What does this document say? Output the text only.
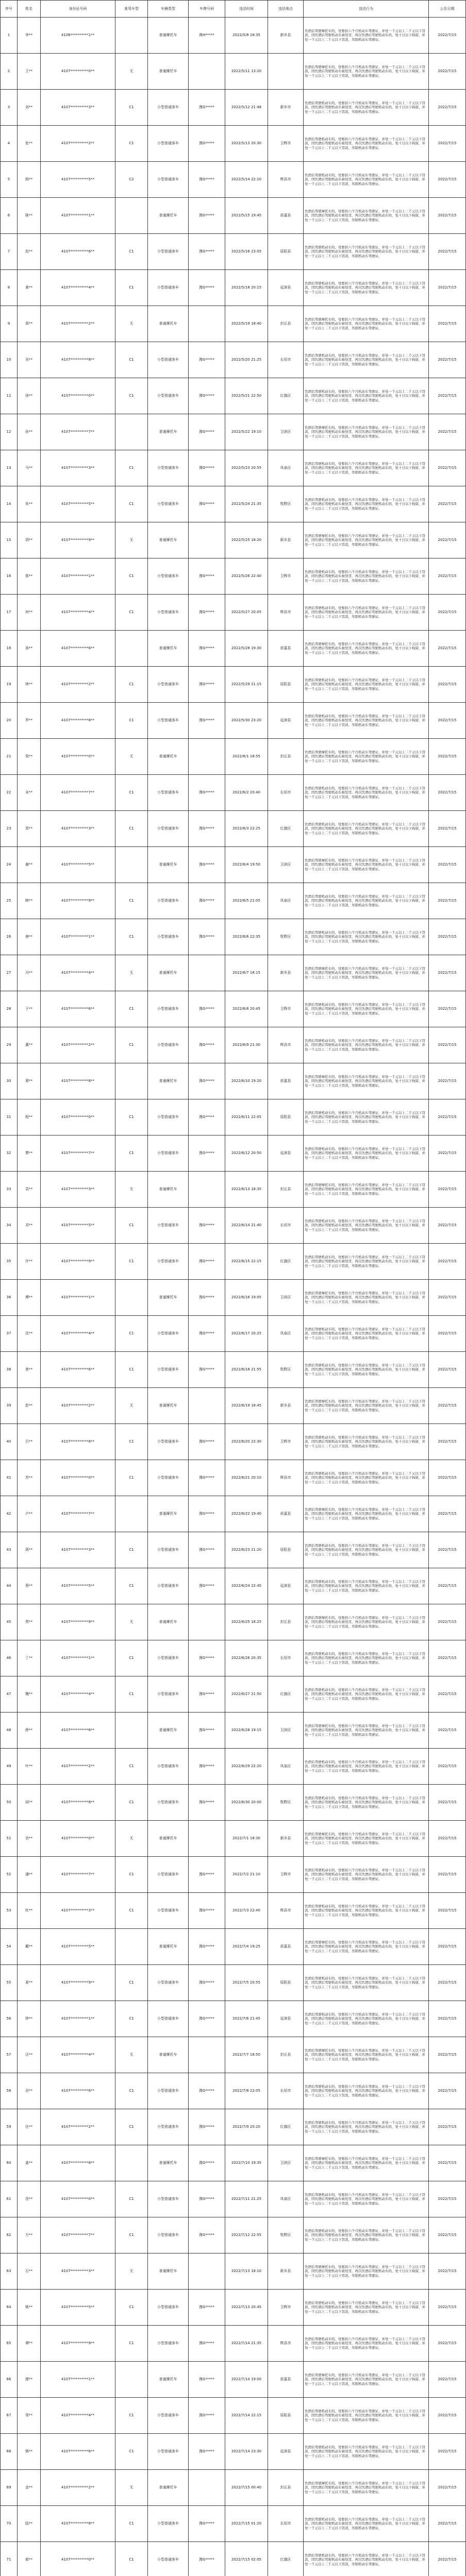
序号	姓名	身份证号码	准驾车型	车辆类型	车牌号码	违法时间	违法地点	违法行为	公告日期
1	李**	4106**********1**		普通摩托车	豫H*****	2022/5/8 16:35	新乡县	饮酒后驾驶摩托车的，处暂扣六个月机动车驾驶证，并处一千元以上二千元以下罚款，因饮酒后驾驶机动车被处罚，再次饮酒后驾驶机动车的，处十日以下拘留，并处一千元以上二千元以下罚款，吊销机动车驾驶证。	2022/7/15
2	王**	4107**********0**	无	普通摩托车		2022/5/11 13:20		饮酒后驾驶摩托车的，处暂扣六个月机动车驾驶证，并处一千元以上二千元以下罚款，因饮酒后驾驶机动车被处罚，再次饮酒后驾驶机动车的，处十日以下拘留，并处一千元以上二千元以下罚款，吊销机动车驾驶证。	2022/7/15
3	刘**	4107**********3**	C1	小型普通客车	豫G*****	2022/5/12 21:48	新乡市	饮酒后驾驶机动车的，处暂扣六个月机动车驾驶证，并处一千元以上二千元以下罚款，因饮酒后驾驶机动车被处罚，再次饮酒后驾驶机动车的，处十日以下拘留，并处一千元以上二千元以下罚款，吊销机动车驾驶证。	2022/7/15
4	张**	4107**********2**	C1	小型普通客车	豫G*****	2022/5/13 20:30	卫辉市	饮酒后驾驶机动车的，处暂扣六个月机动车驾驶证，并处一千元以上二千元以下罚款，因饮酒后驾驶机动车被处罚，再次饮酒后驾驶机动车的，处十日以下拘留，并处一千元以上二千元以下罚款，吊销机动车驾驶证。	2022/7/15
5	杨**	4107**********5**	C2	小型普通客车	豫G*****	2022/5/14 22:10	辉县市	饮酒后驾驶机动车的，处暂扣六个月机动车驾驶证，并处一千元以上二千元以下罚款，因饮酒后驾驶机动车被处罚，再次饮酒后驾驶机动车的，处十日以下拘留，并处一千元以上二千元以下罚款，吊销机动车驾驶证。	2022/7/15
6	陈**	4107**********1**		普通摩托车	豫G*****	2022/5/15 19:45	获嘉县	饮酒后驾驶摩托车的，处暂扣六个月机动车驾驶证，并处一千元以上二千元以下罚款，因饮酒后驾驶机动车被处罚，再次饮酒后驾驶机动车的，处十日以下拘留，并处一千元以上二千元以下罚款，吊销机动车驾驶证。	2022/7/15
7	赵**	4107**********6**	C1	小型普通客车	豫G*****	2022/5/16 23:05	原阳县	饮酒后驾驶机动车的，处暂扣六个月机动车驾驶证，并处一千元以上二千元以下罚款，因饮酒后驾驶机动车被处罚，再次饮酒后驾驶机动车的，处十日以下拘留，并处一千元以上二千元以下罚款，吊销机动车驾驶证。	2022/7/15
8	黄**	4107**********4**	C1	小型普通客车	豫G*****	2022/5/18 20:15	延津县	饮酒后驾驶机动车的，处暂扣六个月机动车驾驶证，并处一千元以上二千元以下罚款，因饮酒后驾驶机动车被处罚，再次饮酒后驾驶机动车的，处十日以下拘留，并处一千元以上二千元以下罚款，吊销机动车驾驶证。	2022/7/15
9	周**	4107**********2**	无	普通摩托车		2022/5/19 18:40	封丘县	饮酒后驾驶摩托车的，处暂扣六个月机动车驾驶证，并处一千元以上二千元以下罚款，因饮酒后驾驶机动车被处罚，再次饮酒后驾驶机动车的，处十日以下拘留，并处一千元以上二千元以下罚款，吊销机动车驾驶证。	2022/7/15
10	吴**	4107**********8**	C1	小型普通客车	豫G*****	2022/5/20 21:25	长垣市	饮酒后驾驶机动车的，处暂扣六个月机动车驾驶证，并处一千元以上二千元以下罚款，因饮酒后驾驶机动车被处罚，再次饮酒后驾驶机动车的，处十日以下拘留，并处一千元以上二千元以下罚款，吊销机动车驾驶证。	2022/7/15
11	徐**	4107**********0**	C1	小型普通客车	豫G*****	2022/5/21 22:50	红旗区	饮酒后驾驶机动车的，处暂扣六个月机动车驾驶证，并处一千元以上二千元以下罚款，因饮酒后驾驶机动车被处罚，再次饮酒后驾驶机动车的，处十日以下拘留，并处一千元以上二千元以下罚款，吊销机动车驾驶证。	2022/7/15
12	孙**	4107**********7**		普通摩托车	豫G*****	2022/5/22 19:10	卫滨区	饮酒后驾驶摩托车的，处暂扣六个月机动车驾驶证，并处一千元以上二千元以下罚款，因饮酒后驾驶机动车被处罚，再次饮酒后驾驶机动车的，处十日以下拘留，并处一千元以上二千元以下罚款，吊销机动车驾驶证。	2022/7/15
13	马**	4107**********3**	C1	小型普通客车	豫G*****	2022/5/23 20:55	凤泉区	饮酒后驾驶机动车的，处暂扣六个月机动车驾驶证，并处一千元以上二千元以下罚款，因饮酒后驾驶机动车被处罚，再次饮酒后驾驶机动车的，处十日以下拘留，并处一千元以上二千元以下罚款，吊销机动车驾驶证。	2022/7/15
14	朱**	4107**********5**	C1	小型普通客车	豫G*****	2022/5/24 21:35	牧野区	饮酒后驾驶机动车的，处暂扣六个月机动车驾驶证，并处一千元以上二千元以下罚款，因饮酒后驾驶机动车被处罚，再次饮酒后驾驶机动车的，处十日以下拘留，并处一千元以上二千元以下罚款，吊销机动车驾驶证。	2022/7/15
15	胡**	4107**********9**	无	普通摩托车		2022/5/25 18:20	新乡县	饮酒后驾驶摩托车的，处暂扣六个月机动车驾驶证，并处一千元以上二千元以下罚款，因饮酒后驾驶机动车被处罚，再次饮酒后驾驶机动车的，处十日以下拘留，并处一千元以上二千元以下罚款，吊销机动车驾驶证。	2022/7/15
16	郭**	4107**********1**	C1	小型普通客车	豫G*****	2022/5/26 22:40	卫辉市	饮酒后驾驶机动车的，处暂扣六个月机动车驾驶证，并处一千元以上二千元以下罚款，因饮酒后驾驶机动车被处罚，再次饮酒后驾驶机动车的，处十日以下拘留，并处一千元以上二千元以下罚款，吊销机动车驾驶证。	2022/7/15
17	何**	4107**********4**	C1	小型普通客车	豫G*****	2022/5/27 20:05	辉县市	饮酒后驾驶机动车的，处暂扣六个月机动车驾驶证，并处一千元以上二千元以下罚款，因饮酒后驾驶机动车被处罚，再次饮酒后驾驶机动车的，处十日以下拘留，并处一千元以上二千元以下罚款，吊销机动车驾驶证。	2022/7/15
18	高**	4107**********6**		普通摩托车	豫G*****	2022/5/28 19:30	获嘉县	饮酒后驾驶摩托车的，处暂扣六个月机动车驾驶证，并处一千元以上二千元以下罚款，因饮酒后驾驶机动车被处罚，再次饮酒后驾驶机动车的，处十日以下拘留，并处一千元以上二千元以下罚款，吊销机动车驾驶证。	2022/7/15
19	林**	4107**********2**	C1	小型普通客车	豫G*****	2022/5/29 21:15	原阳县	饮酒后驾驶机动车的，处暂扣六个月机动车驾驶证，并处一千元以上二千元以下罚款，因饮酒后驾驶机动车被处罚，再次饮酒后驾驶机动车的，处十日以下拘留，并处一千元以上二千元以下罚款，吊销机动车驾驶证。	2022/7/15
20	罗**	4107**********8**	C1	小型普通客车	豫G*****	2022/5/30 23:20	延津县	饮酒后驾驶机动车的，处暂扣六个月机动车驾驶证，并处一千元以上二千元以下罚款，因饮酒后驾驶机动车被处罚，再次饮酒后驾驶机动车的，处十日以下拘留，并处一千元以上二千元以下罚款，吊销机动车驾驶证。	2022/7/15
21	梁**	4107**********0**	无	普通摩托车		2022/6/1 18:55	封丘县	饮酒后驾驶摩托车的，处暂扣六个月机动车驾驶证，并处一千元以上二千元以下罚款，因饮酒后驾驶机动车被处罚，再次饮酒后驾驶机动车的，处十日以下拘留，并处一千元以上二千元以下罚款，吊销机动车驾驶证。	2022/7/15
22	宋**	4107**********7**	C1	小型普通客车	豫G*****	2022/6/2 20:40	长垣市	饮酒后驾驶机动车的，处暂扣六个月机动车驾驶证，并处一千元以上二千元以下罚款，因饮酒后驾驶机动车被处罚，再次饮酒后驾驶机动车的，处十日以下拘留，并处一千元以上二千元以下罚款，吊销机动车驾驶证。	2022/7/15
23	郑**	4107**********3**	C1	小型普通客车	豫G*****	2022/6/3 22:25	红旗区	饮酒后驾驶机动车的，处暂扣六个月机动车驾驶证，并处一千元以上二千元以下罚款，因饮酒后驾驶机动车被处罚，再次饮酒后驾驶机动车的，处十日以下拘留，并处一千元以上二千元以下罚款，吊销机动车驾驶证。	2022/7/15
24	谢**	4107**********5**		普通摩托车	豫G*****	2022/6/4 19:50	卫滨区	饮酒后驾驶摩托车的，处暂扣六个月机动车驾驶证，并处一千元以上二千元以下罚款，因饮酒后驾驶机动车被处罚，再次饮酒后驾驶机动车的，处十日以下拘留，并处一千元以上二千元以下罚款，吊销机动车驾驶证。	2022/7/15
25	韩**	4107**********9**	C1	小型普通客车	豫G*****	2022/6/5 21:05	凤泉区	饮酒后驾驶机动车的，处暂扣六个月机动车驾驶证，并处一千元以上二千元以下罚款，因饮酒后驾驶机动车被处罚，再次饮酒后驾驶机动车的，处十日以下拘留，并处一千元以上二千元以下罚款，吊销机动车驾驶证。	2022/7/15
26	唐**	4107**********1**	C1	小型普通客车	豫G*****	2022/6/6 22:35	牧野区	饮酒后驾驶机动车的，处暂扣六个月机动车驾驶证，并处一千元以上二千元以下罚款，因饮酒后驾驶机动车被处罚，再次饮酒后驾驶机动车的，处十日以下拘留，并处一千元以上二千元以下罚款，吊销机动车驾驶证。	2022/7/15
27	冯**	4107**********4**	无	普通摩托车		2022/6/7 18:15	新乡县	饮酒后驾驶摩托车的，处暂扣六个月机动车驾驶证，并处一千元以上二千元以下罚款，因饮酒后驾驶机动车被处罚，再次饮酒后驾驶机动车的，处十日以下拘留，并处一千元以上二千元以下罚款，吊销机动车驾驶证。	2022/7/15
28	于**	4107**********6**	C1	小型普通客车	豫G*****	2022/6/8 20:45	卫辉市	饮酒后驾驶机动车的，处暂扣六个月机动车驾驶证，并处一千元以上二千元以下罚款，因饮酒后驾驶机动车被处罚，再次饮酒后驾驶机动车的，处十日以下拘留，并处一千元以上二千元以下罚款，吊销机动车驾驶证。	2022/7/15
29	董**	4107**********2**	C1	小型普通客车	豫G*****	2022/6/9 21:30	辉县市	饮酒后驾驶机动车的，处暂扣六个月机动车驾驶证，并处一千元以上二千元以下罚款，因饮酒后驾驶机动车被处罚，再次饮酒后驾驶机动车的，处十日以下拘留，并处一千元以上二千元以下罚款，吊销机动车驾驶证。	2022/7/15
30	萧**	4107**********8**		普通摩托车	豫G*****	2022/6/10 19:20	获嘉县	饮酒后驾驶摩托车的，处暂扣六个月机动车驾驶证，并处一千元以上二千元以下罚款，因饮酒后驾驶机动车被处罚，再次饮酒后驾驶机动车的，处十日以下拘留，并处一千元以上二千元以下罚款，吊销机动车驾驶证。	2022/7/15
31	程**	4107**********0**	C1	小型普通客车	豫G*****	2022/6/11 22:05	原阳县	饮酒后驾驶机动车的，处暂扣六个月机动车驾驶证，并处一千元以上二千元以下罚款，因饮酒后驾驶机动车被处罚，再次饮酒后驾驶机动车的，处十日以下拘留，并处一千元以上二千元以下罚款，吊销机动车驾驶证。	2022/7/15
32	曹**	4107**********7**	C1	小型普通客车	豫G*****	2022/6/12 20:50	延津县	饮酒后驾驶机动车的，处暂扣六个月机动车驾驶证，并处一千元以上二千元以下罚款，因饮酒后驾驶机动车被处罚，再次饮酒后驾驶机动车的，处十日以下拘留，并处一千元以上二千元以下罚款，吊销机动车驾驶证。	2022/7/15
33	袁**	4107**********3**	无	普通摩托车		2022/6/13 18:35	封丘县	饮酒后驾驶摩托车的，处暂扣六个月机动车驾驶证，并处一千元以上二千元以下罚款，因饮酒后驾驶机动车被处罚，再次饮酒后驾驶机动车的，处十日以下拘留，并处一千元以上二千元以下罚款，吊销机动车驾驶证。	2022/7/15
34	邓**	4107**********5**	C1	小型普通客车	豫G*****	2022/6/14 21:40	长垣市	饮酒后驾驶机动车的，处暂扣六个月机动车驾驶证，并处一千元以上二千元以下罚款，因饮酒后驾驶机动车被处罚，再次饮酒后驾驶机动车的，处十日以下拘留，并处一千元以上二千元以下罚款，吊销机动车驾驶证。	2022/7/15
35	许**	4107**********9**	C1	小型普通客车	豫G*****	2022/6/15 22:15	红旗区	饮酒后驾驶机动车的，处暂扣六个月机动车驾驶证，并处一千元以上二千元以下罚款，因饮酒后驾驶机动车被处罚，再次饮酒后驾驶机动车的，处十日以下拘留，并处一千元以上二千元以下罚款，吊销机动车驾驶证。	2022/7/15
36	傅**	4107**********1**		普通摩托车	豫G*****	2022/6/16 19:05	卫滨区	饮酒后驾驶摩托车的，处暂扣六个月机动车驾驶证，并处一千元以上二千元以下罚款，因饮酒后驾驶机动车被处罚，再次饮酒后驾驶机动车的，处十日以下拘留，并处一千元以上二千元以下罚款，吊销机动车驾驶证。	2022/7/15
37	沈**	4107**********4**	C1	小型普通客车	豫G*****	2022/6/17 20:25	凤泉区	饮酒后驾驶机动车的，处暂扣六个月机动车驾驶证，并处一千元以上二千元以下罚款，因饮酒后驾驶机动车被处罚，再次饮酒后驾驶机动车的，处十日以下拘留，并处一千元以上二千元以下罚款，吊销机动车驾驶证。	2022/7/15
38	曾**	4107**********6**	C1	小型普通客车	豫G*****	2022/6/18 21:55	牧野区	饮酒后驾驶机动车的，处暂扣六个月机动车驾驶证，并处一千元以上二千元以下罚款，因饮酒后驾驶机动车被处罚，再次饮酒后驾驶机动车的，处十日以下拘留，并处一千元以上二千元以下罚款，吊销机动车驾驶证。	2022/7/15
39	彭**	4107**********2**	无	普通摩托车		2022/6/19 18:45	新乡县	饮酒后驾驶摩托车的，处暂扣六个月机动车驾驶证，并处一千元以上二千元以下罚款，因饮酒后驾驶机动车被处罚，再次饮酒后驾驶机动车的，处十日以下拘留，并处一千元以上二千元以下罚款，吊销机动车驾驶证。	2022/7/15
40	吕**	4107**********8**	C1	小型普通客车	豫G*****	2022/6/20 22:30	卫辉市	饮酒后驾驶机动车的，处暂扣六个月机动车驾驶证，并处一千元以上二千元以下罚款，因饮酒后驾驶机动车被处罚，再次饮酒后驾驶机动车的，处十日以下拘留，并处一千元以上二千元以下罚款，吊销机动车驾驶证。	2022/7/15
41	苏**	4107**********0**	C1	小型普通客车	豫G*****	2022/6/21 20:10	辉县市	饮酒后驾驶机动车的，处暂扣六个月机动车驾驶证，并处一千元以上二千元以下罚款，因饮酒后驾驶机动车被处罚，再次饮酒后驾驶机动车的，处十日以下拘留，并处一千元以上二千元以下罚款，吊销机动车驾驶证。	2022/7/15
42	卢**	4107**********7**		普通摩托车	豫G*****	2022/6/22 19:40	获嘉县	饮酒后驾驶摩托车的，处暂扣六个月机动车驾驶证，并处一千元以上二千元以下罚款，因饮酒后驾驶机动车被处罚，再次饮酒后驾驶机动车的，处十日以下拘留，并处一千元以上二千元以下罚款，吊销机动车驾驶证。	2022/7/15
43	蒋**	4107**********3**	C1	小型普通客车	豫G*****	2022/6/23 21:20	原阳县	饮酒后驾驶机动车的，处暂扣六个月机动车驾驶证，并处一千元以上二千元以下罚款，因饮酒后驾驶机动车被处罚，再次饮酒后驾驶机动车的，处十日以下拘留，并处一千元以上二千元以下罚款，吊销机动车驾驶证。	2022/7/15
44	蔡**	4107**********5**	C1	小型普通客车	豫G*****	2022/6/24 22:45	延津县	饮酒后驾驶机动车的，处暂扣六个月机动车驾驶证，并处一千元以上二千元以下罚款，因饮酒后驾驶机动车被处罚，再次饮酒后驾驶机动车的，处十日以下拘留，并处一千元以上二千元以下罚款，吊销机动车驾驶证。	2022/7/15
45	贾**	4107**********9**	无	普通摩托车		2022/6/25 18:25	封丘县	饮酒后驾驶摩托车的，处暂扣六个月机动车驾驶证，并处一千元以上二千元以下罚款，因饮酒后驾驶机动车被处罚，再次饮酒后驾驶机动车的，处十日以下拘留，并处一千元以上二千元以下罚款，吊销机动车驾驶证。	2022/7/15
46	丁**	4107**********1**	C1	小型普通客车	豫G*****	2022/6/26 20:35	长垣市	饮酒后驾驶机动车的，处暂扣六个月机动车驾驶证，并处一千元以上二千元以下罚款，因饮酒后驾驶机动车被处罚，再次饮酒后驾驶机动车的，处十日以下拘留，并处一千元以上二千元以下罚款，吊销机动车驾驶证。	2022/7/15
47	魏**	4107**********4**	C1	小型普通客车	豫G*****	2022/6/27 21:50	红旗区	饮酒后驾驶机动车的，处暂扣六个月机动车驾驶证，并处一千元以上二千元以下罚款，因饮酒后驾驶机动车被处罚，再次饮酒后驾驶机动车的，处十日以下拘留，并处一千元以上二千元以下罚款，吊销机动车驾驶证。	2022/7/15
48	薛**	4107**********6**		普通摩托车	豫G*****	2022/6/28 19:15	卫滨区	饮酒后驾驶摩托车的，处暂扣六个月机动车驾驶证，并处一千元以上二千元以下罚款，因饮酒后驾驶机动车被处罚，再次饮酒后驾驶机动车的，处十日以下拘留，并处一千元以上二千元以下罚款，吊销机动车驾驶证。	2022/7/15
49	叶**	4107**********2**	C1	小型普通客车	豫G*****	2022/6/29 22:20	凤泉区	饮酒后驾驶机动车的，处暂扣六个月机动车驾驶证，并处一千元以上二千元以下罚款，因饮酒后驾驶机动车被处罚，再次饮酒后驾驶机动车的，处十日以下拘留，并处一千元以上二千元以下罚款，吊销机动车驾驶证。	2022/7/15
50	阎**	4107**********8**	C1	小型普通客车	豫G*****	2022/6/30 20:00	牧野区	饮酒后驾驶机动车的，处暂扣六个月机动车驾驶证，并处一千元以上二千元以下罚款，因饮酒后驾驶机动车被处罚，再次饮酒后驾驶机动车的，处十日以下拘留，并处一千元以上二千元以下罚款，吊销机动车驾驶证。	2022/7/15
51	余**	4107**********0**	无	普通摩托车		2022/7/1 18:30	新乡县	饮酒后驾驶摩托车的，处暂扣六个月机动车驾驶证，并处一千元以上二千元以下罚款，因饮酒后驾驶机动车被处罚，再次饮酒后驾驶机动车的，处十日以下拘留，并处一千元以上二千元以下罚款，吊销机动车驾驶证。	2022/7/15
52	潘**	4107**********7**	C1	小型普通客车	豫G*****	2022/7/2 21:10	卫辉市	饮酒后驾驶机动车的，处暂扣六个月机动车驾驶证，并处一千元以上二千元以下罚款，因饮酒后驾驶机动车被处罚，再次饮酒后驾驶机动车的，处十日以下拘留，并处一千元以上二千元以下罚款，吊销机动车驾驶证。	2022/7/15
53	杜**	4107**********3**	C1	小型普通客车	豫G*****	2022/7/3 22:40	辉县市	饮酒后驾驶机动车的，处暂扣六个月机动车驾驶证，并处一千元以上二千元以下罚款，因饮酒后驾驶机动车被处罚，再次饮酒后驾驶机动车的，处十日以下拘留，并处一千元以上二千元以下罚款，吊销机动车驾驶证。	2022/7/15
54	戴**	4107**********5**		普通摩托车	豫G*****	2022/7/4 19:25	获嘉县	饮酒后驾驶摩托车的，处暂扣六个月机动车驾驶证，并处一千元以上二千元以下罚款，因饮酒后驾驶机动车被处罚，再次饮酒后驾驶机动车的，处十日以下拘留，并处一千元以上二千元以下罚款，吊销机动车驾驶证。	2022/7/15
55	夏**	4107**********9**	C1	小型普通客车	豫G*****	2022/7/5 20:55	原阳县	饮酒后驾驶机动车的，处暂扣六个月机动车驾驶证，并处一千元以上二千元以下罚款，因饮酒后驾驶机动车被处罚，再次饮酒后驾驶机动车的，处十日以下拘留，并处一千元以上二千元以下罚款，吊销机动车驾驶证。	2022/7/15
56	钟**	4107**********1**	C1	小型普通客车	豫G*****	2022/7/6 21:45	延津县	饮酒后驾驶机动车的，处暂扣六个月机动车驾驶证，并处一千元以上二千元以下罚款，因饮酒后驾驶机动车被处罚，再次饮酒后驾驶机动车的，处十日以下拘留，并处一千元以上二千元以下罚款，吊销机动车驾驶证。	2022/7/15
57	汪**	4107**********4**	无	普通摩托车		2022/7/7 18:50	封丘县	饮酒后驾驶摩托车的，处暂扣六个月机动车驾驶证，并处一千元以上二千元以下罚款，因饮酒后驾驶机动车被处罚，再次饮酒后驾驶机动车的，处十日以下拘留，并处一千元以上二千元以下罚款，吊销机动车驾驶证。	2022/7/15
58	田**	4107**********6**	C1	小型普通客车	豫G*****	2022/7/8 22:05	长垣市	饮酒后驾驶机动车的，处暂扣六个月机动车驾驶证，并处一千元以上二千元以下罚款，因饮酒后驾驶机动车被处罚，再次饮酒后驾驶机动车的，处十日以下拘留，并处一千元以上二千元以下罚款，吊销机动车驾驶证。	2022/7/15
59	任**	4107**********2**	C1	小型普通客车	豫G*****	2022/7/9 20:20	红旗区	饮酒后驾驶机动车的，处暂扣六个月机动车驾驶证，并处一千元以上二千元以下罚款，因饮酒后驾驶机动车被处罚，再次饮酒后驾驶机动车的，处十日以下拘留，并处一千元以上二千元以下罚款，吊销机动车驾驶证。	2022/7/15
60	姜**	4107**********8**		普通摩托车	豫G*****	2022/7/10 19:35	卫滨区	饮酒后驾驶摩托车的，处暂扣六个月机动车驾驶证，并处一千元以上二千元以下罚款，因饮酒后驾驶机动车被处罚，再次饮酒后驾驶机动车的，处十日以下拘留，并处一千元以上二千元以下罚款，吊销机动车驾驶证。	2022/7/15
61	范**	4107**********0**	C1	小型普通客车	豫G*****	2022/7/11 21:25	凤泉区	饮酒后驾驶机动车的，处暂扣六个月机动车驾驶证，并处一千元以上二千元以下罚款，因饮酒后驾驶机动车被处罚，再次饮酒后驾驶机动车的，处十日以下拘留，并处一千元以上二千元以下罚款，吊销机动车驾驶证。	2022/7/15
62	方**	4107**********7**	C1	小型普通客车	豫G*****	2022/7/12 22:55	牧野区	饮酒后驾驶机动车的，处暂扣六个月机动车驾驶证，并处一千元以上二千元以下罚款，因饮酒后驾驶机动车被处罚，再次饮酒后驾驶机动车的，处十日以下拘留，并处一千元以上二千元以下罚款，吊销机动车驾驶证。	2022/7/15
63	石**	4107**********3**	无	普通摩托车		2022/7/13 18:10	新乡县	饮酒后驾驶摩托车的，处暂扣六个月机动车驾驶证，并处一千元以上二千元以下罚款，因饮酒后驾驶机动车被处罚，再次饮酒后驾驶机动车的，处十日以下拘留，并处一千元以上二千元以下罚款，吊销机动车驾驶证。	2022/7/15
64	姚**	4107**********5**	C1	小型普通客车	豫G*****	2022/7/13 20:45	卫辉市	饮酒后驾驶机动车的，处暂扣六个月机动车驾驶证，并处一千元以上二千元以下罚款，因饮酒后驾驶机动车被处罚，再次饮酒后驾驶机动车的，处十日以下拘留，并处一千元以上二千元以下罚款，吊销机动车驾驶证。	2022/7/15
65	谭**	4107**********9**	C1	小型普通客车	豫G*****	2022/7/14 21:35	辉县市	饮酒后驾驶机动车的，处暂扣六个月机动车驾驶证，并处一千元以上二千元以下罚款，因饮酒后驾驶机动车被处罚，再次饮酒后驾驶机动车的，处十日以下拘留，并处一千元以上二千元以下罚款，吊销机动车驾驶证。	2022/7/15
66	廖**	4107**********1**		普通摩托车	豫G*****	2022/7/14 19:00	获嘉县	饮酒后驾驶摩托车的，处暂扣六个月机动车驾驶证，并处一千元以上二千元以下罚款，因饮酒后驾驶机动车被处罚，再次饮酒后驾驶机动车的，处十日以下拘留，并处一千元以上二千元以下罚款，吊销机动车驾驶证。	2022/7/15
67	邹**	4107**********4**	C1	小型普通客车	豫G*****	2022/7/14 22:15	原阳县	饮酒后驾驶机动车的，处暂扣六个月机动车驾驶证，并处一千元以上二千元以下罚款，因饮酒后驾驶机动车被处罚，再次饮酒后驾驶机动车的，处十日以下拘留，并处一千元以上二千元以下罚款，吊销机动车驾驶证。	2022/7/15
68	熊**	4107**********6**	C1	小型普通客车	豫G*****	2022/7/14 23:30	延津县	饮酒后驾驶机动车的，处暂扣六个月机动车驾驶证，并处一千元以上二千元以下罚款，因饮酒后驾驶机动车被处罚，再次饮酒后驾驶机动车的，处十日以下拘留，并处一千元以上二千元以下罚款，吊销机动车驾驶证。	2022/7/15
69	金**	4107**********2**	无	普通摩托车		2022/7/15 00:40	封丘县	饮酒后驾驶摩托车的，处暂扣六个月机动车驾驶证，并处一千元以上二千元以下罚款，因饮酒后驾驶机动车被处罚，再次饮酒后驾驶机动车的，处十日以下拘留，并处一千元以上二千元以下罚款，吊销机动车驾驶证。	2022/7/15
70	陆**	4107**********8**	C1	小型普通客车	豫G*****	2022/7/15 01:20	长垣市	饮酒后驾驶机动车的，处暂扣六个月机动车驾驶证，并处一千元以上二千元以下罚款，因饮酒后驾驶机动车被处罚，再次饮酒后驾驶机动车的，处十日以下拘留，并处一千元以上二千元以下罚款，吊销机动车驾驶证。	2022/7/15
71	郝**	4107**********0**	C1	小型普通客车	豫G*****	2022/7/15 02:05	红旗区	饮酒后驾驶机动车的，处暂扣六个月机动车驾驶证，并处一千元以上二千元以下罚款，因饮酒后驾驶机动车被处罚，再次饮酒后驾驶机动车的，处十日以下拘留，并处一千元以上二千元以下罚款，吊销机动车驾驶证。	2022/7/15
